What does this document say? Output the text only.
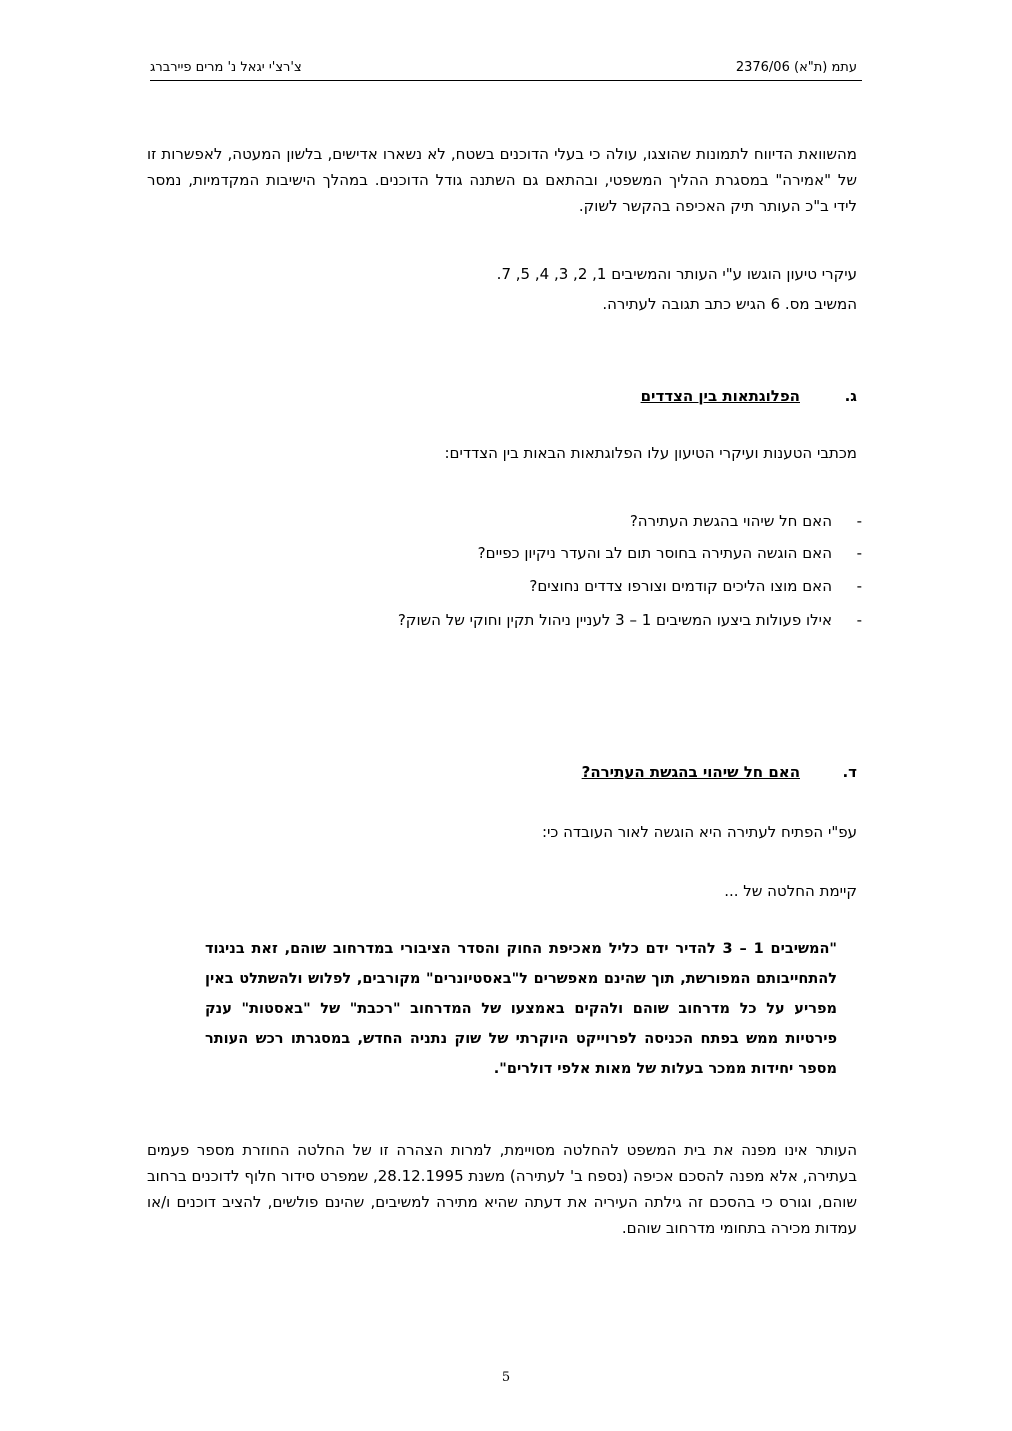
עתמ (ת"א) 2376/06
צ'רצ'י יגאל נ' מרים פיירברג
מהשוואת הדיווח לתמונות שהוצגו, עולה כי בעלי הדוכנים בשטח, לא נשארו אדישים, בלשון המעטה, לאפשרות זו של "אמירה" במסגרת ההליך המשפטי, ובהתאם גם השתנה גודל הדוכנים. במהלך הישיבות המקדמיות, נמסר לידי ב"כ העותר תיק האכיפה בהקשר לשוק.
עיקרי טיעון הוגשו ע"י העותר והמשיבים 1, 2, 3, 4, 5, 7.
המשיב מס. 6 הגיש כתב תגובה לעתירה.
ג.
הפלוגתאות בין הצדדים
מכתבי הטענות ועיקרי הטיעון עלו הפלוגתאות הבאות בין הצדדים:
-
האם חל שיהוי בהגשת העתירה?
-
האם הוגשה העתירה בחוסר תום לב והעדר ניקיון כפיים?
-
האם מוצו הליכים קודמים וצורפו צדדים נחוצים?
-
אילו פעולות ביצעו המשיבים 1 – 3 לעניין ניהול תקין וחוקי של השוק?
ד.
האם חל שיהוי בהגשת העתירה?
עפ"י הפתיח לעתירה היא הוגשה לאור העובדה כי:
קיימת החלטה של ...
"המשיבים 1 – 3 להדיר ידם כליל מאכיפת החוק והסדר הציבורי במדרחוב שוהם, זאת בניגוד להתחייבותם המפורשת, תוך שהינם מאפשרים ל"באסטיונרים" מקורבים, לפלוש ולהשתלט באין מפריע על כל מדרחוב שוהם ולהקים באמצעו של המדרחוב "רכבת" של "באסטות" ענק פירטיות ממש בפתח הכניסה לפרוייקט היוקרתי של שוק נתניה החדש, במסגרתו רכש העותר מספר יחידות ממכר בעלות של מאות אלפי דולרים".
העותר אינו מפנה את בית המשפט להחלטה מסויימת, למרות הצהרה זו של החלטה החוזרת מספר פעמים בעתירה, אלא מפנה להסכם אכיפה (נספח ב' לעתירה) משנת 28.12.1995, שמפרט סידור חלוף לדוכנים ברחוב שוהם, וגורס כי בהסכם זה גילתה העיריה את דעתה שהיא מתירה למשיבים, שהינם פולשים, להציב דוכנים ו/או עמדות מכירה בתחומי מדרחוב שוהם.
5
